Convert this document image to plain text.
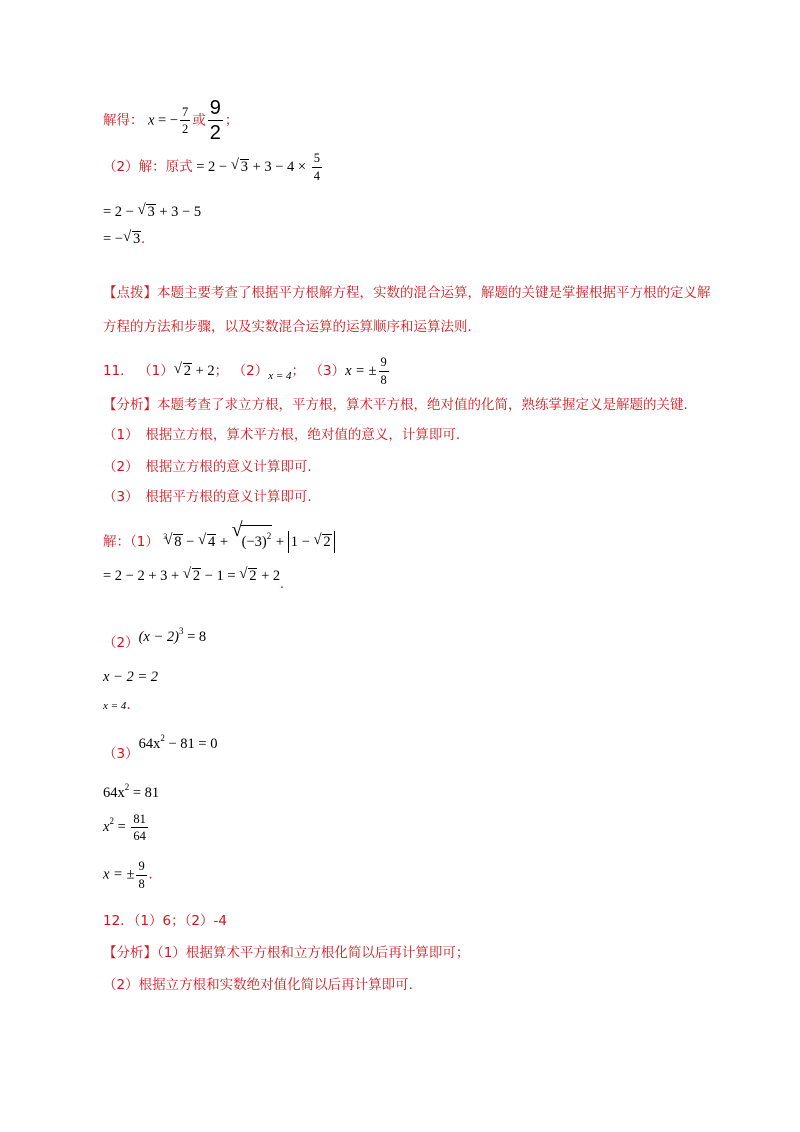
解得： x = − $\frac{7}{2}$ 或 $\frac{9}{2}$ ；
（2）解：原式 = 2 − √ $3 + 3 - 4 \times \frac{5}{4}$
= 2 − √ 3 + 3 − 5
= − √ 3.
【点拨】本题主要考查了根据平方根解方程，实数的混合运算，解题的关键是掌握根据平方根的定义解方程的方法和步骤，以及实数混合运算的运算顺序和运算法则.
11． （1） √ 2 + 2； $(2)_{x = 4}$； （3）x = ± $\frac{9}{8}$
【分析】本题考查了求立方根，平方根，算术平方根，绝对值的化简，熟练掌握定义是解题的关键.
（1）　根据立方根，算术平方根，绝对值的意义，计算即可.
（2）　根据立方根的意义计算即可.
（3）　根据平方根的意义计算即可.
解：（1） $^3$ √ 8 − √ 4 + √ $(-3)^2 + 1$ − √ 2
= 2 − 2 + 3 + √ 2 − 1 = √ 2 + 2.
$(2)(x - 2)^3 = 8$
x − 2 = 2
x = 4.
$(3)64x^2 - 81 = 0$
$64x^2 = 81$
$x^2 = \frac{81}{64}$
x = ± $\frac{9}{8}$ .
12．（1）6；（2）-4
【分析】（1）根据算术平方根和立方根化简以后再计算即可；
（2）根据立方根和实数绝对值化简以后再计算即可.
